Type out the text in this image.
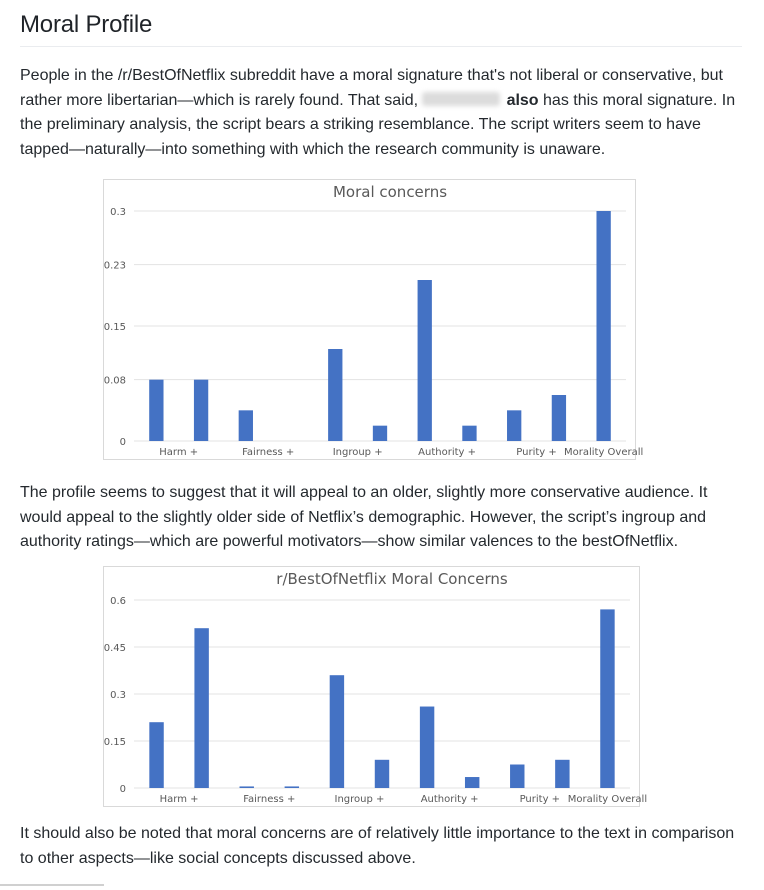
Moral Profile

People in the /r/BestOfNetflix subreddit have a moral signature that's not liberal or conservative, but rather more libertarian—which is rarely found. That said,	also has this moral signature. In the preliminary analysis, the script bears a striking resemblance. The script writers seem to have tapped—naturally—into something with which the research community is unaware.

Moral concerns
0
0.08
0.15
0.23
0.3
Harm +	Fairness +	Ingroup +	Authority +	Purity + Morality Overall

The profile seems to suggest that it will appeal to an older, slightly more conservative audience. It would appeal to the slightly older side of Netflix’s demographic. However, the script’s ingroup and authority ratings—which are powerful motivators—show similar valences to the bestOfNetflix.

r/BestOfNetflix Moral Concerns
0
0.15
0.3
0.45
0.6
Harm +	Fairness +	Ingroup +	Authority +	Purity + Morality Overall

It should also be noted that moral concerns are of relatively little importance to the text in comparison to other aspects—like social concepts discussed above.
